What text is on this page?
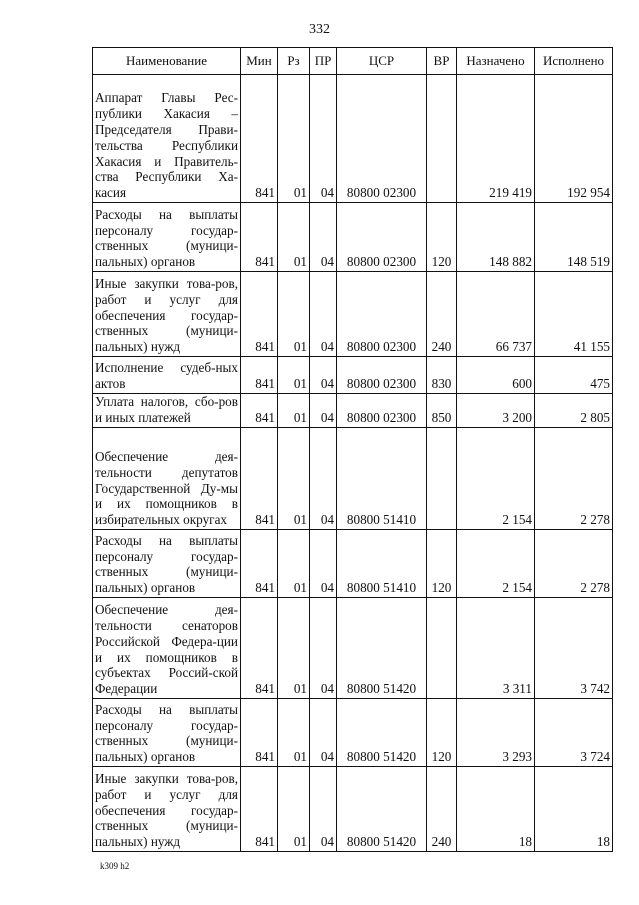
332
Наименование	Мин	Рз	ПР	ЦСР	ВР	Назначено	Исполнено
Аппарат Главы Рес-публики Хакасия – Председателя Прави-тельства Республики Хакасия и Правитель-ства Республики Ха-касия	841	01	04	80800 02300		219 419	192 954
Расходы на выплаты персоналу государ-ственных (муници-пальных) органов	841	01	04	80800 02300	120	148 882	148 519
Иные закупки това-ров, работ и услуг для обеспечения государ-ственных (муници-пальных) нужд	841	01	04	80800 02300	240	66 737	41 155
Исполнение судеб-ных актов	841	01	04	80800 02300	830	600	475
Уплата налогов, сбо-ров и иных платежей	841	01	04	80800 02300	850	3 200	2 805
Обеспечение дея-тельности депутатов Государственной Ду-мы и их помощников в избирательных округах	841	01	04	80800 51410		2 154	2 278
Расходы на выплаты персоналу государ-ственных (муници-пальных) органов	841	01	04	80800 51410	120	2 154	2 278
Обеспечение дея-тельности сенаторов Российской Федера-ции и их помощников в субъектах Россий-ской Федерации	841	01	04	80800 51420		3 311	3 742
Расходы на выплаты персоналу государ-ственных (муници-пальных) органов	841	01	04	80800 51420	120	3 293	3 724
Иные закупки това-ров, работ и услуг для обеспечения государ-ственных (муници-пальных) нужд	841	01	04	80800 51420	240	18	18
k309 h2
